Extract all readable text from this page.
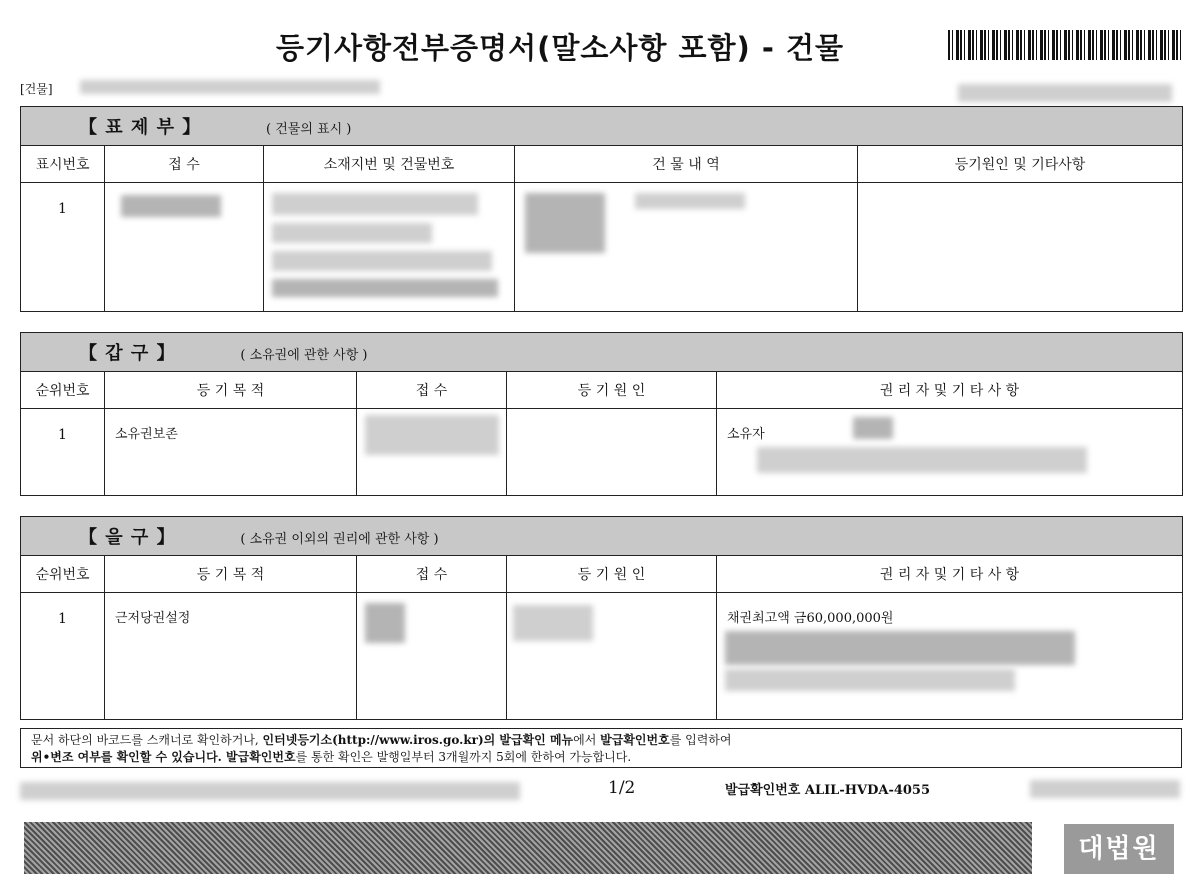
등기사항전부증명서(말소사항 포함) - 건물
[건물]
【 표 제 부 】 ( 건물의 표시 )				
표시번호	접 수	소재지번 및 건물번호	건 물 내 역	등기원인 및 기타사항

1				

【 갑 구 】 ( 소유권에 관한 사항 )				
순위번호	등 기 목 적	접 수	등 기 원 인	권 리 자 및 기 타 사 항

1	소유권보존			소유자
【 을 구 】 ( 소유권 이외의 권리에 관한 사항 )				
순위번호	등 기 목 적	접 수	등 기 원 인	권 리 자 및 기 타 사 항

1	근저당권설정			채권최고액 금60,000,000원
문서 하단의 바코드를 스캐너로 확인하거나, 인터넷등기소(http://www.iros.go.kr)의 발급확인 메뉴에서 발급확인번호를 입력하여
위•변조 여부를 확인할 수 있습니다. 발급확인번호를 통한 확인은 발행일부터 3개월까지 5회에 한하여 가능합니다.
1/2	발급확인번호 ALIL-HVDA-4055
대법원
